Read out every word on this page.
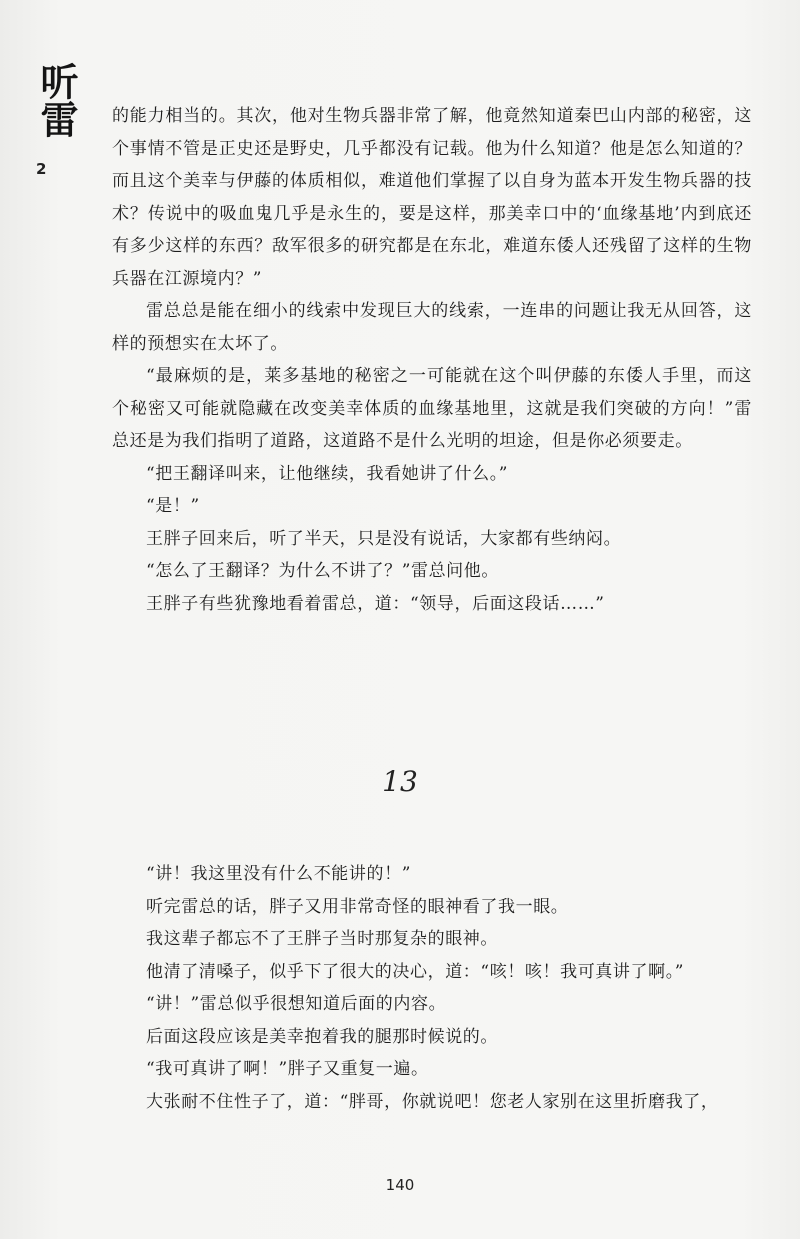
听雷
2

的能力相当的。其次，他对生物兵器非常了解，他竟然知道秦巴山内部的秘密，这个事情不管是正史还是野史，几乎都没有记载。他为什么知道？他是怎么知道的？而且这个美幸与伊藤的体质相似，难道他们掌握了以自身为蓝本开发生物兵器的技术？传说中的吸血鬼几乎是永生的，要是这样，那美幸口中的‘血缘基地’内到底还有多少这样的东西？敌军很多的研究都是在东北，难道东倭人还残留了这样的生物兵器在江源境内？”

雷总总是能在细小的线索中发现巨大的线索，一连串的问题让我无从回答，这样的预想实在太坏了。

“最麻烦的是，莱多基地的秘密之一可能就在这个叫伊藤的东倭人手里，而这个秘密又可能就隐藏在改变美幸体质的血缘基地里，这就是我们突破的方向！”雷总还是为我们指明了道路，这道路不是什么光明的坦途，但是你必须要走。

“把王翻译叫来，让他继续，我看她讲了什么。”

“是！”

王胖子回来后，听了半天，只是没有说话，大家都有些纳闷。

“怎么了王翻译？为什么不讲了？”雷总问他。

王胖子有些犹豫地看着雷总，道：“领导，后面这段话……”

13

“讲！我这里没有什么不能讲的！”

听完雷总的话，胖子又用非常奇怪的眼神看了我一眼。

我这辈子都忘不了王胖子当时那复杂的眼神。

他清了清嗓子，似乎下了很大的决心，道：“咳！咳！我可真讲了啊。”

“讲！”雷总似乎很想知道后面的内容。

后面这段应该是美幸抱着我的腿那时候说的。

“我可真讲了啊！”胖子又重复一遍。

大张耐不住性子了，道：“胖哥，你就说吧！您老人家别在这里折磨我了，

140
